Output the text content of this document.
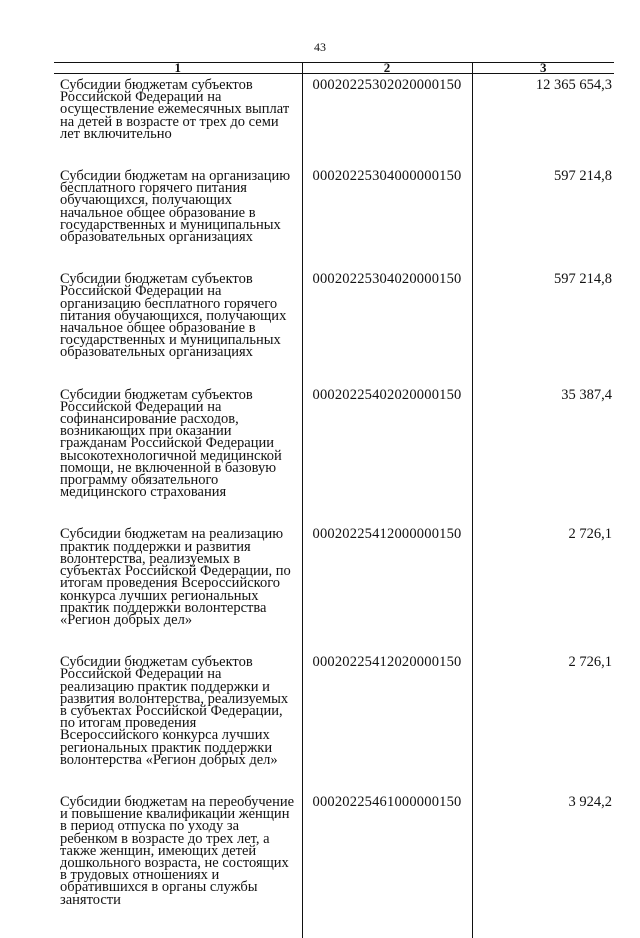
43
1	2	3
Субсидии бюджетам субъектов Российской Федерации на осуществление ежемесячных выплат на детей в возрасте от трех до семи лет включительно	00020225302020000150	12 365 654,3
Субсидии бюджетам на организацию бесплатного горячего питания обучающихся, получающих начальное общее образование в государственных и муниципальных образовательных организациях	00020225304000000150	597 214,8
Субсидии бюджетам субъектов Российской Федерации на организацию бесплатного горячего питания обучающихся, получающих начальное общее образование в государственных и муниципальных образовательных организациях	00020225304020000150	597 214,8
Субсидии бюджетам субъектов Российской Федерации на софинансирование расходов, возникающих при оказании гражданам Российской Федерации высокотехнологичной медицинской помощи, не включенной в базовую программу обязательного медицинского страхования	00020225402020000150	35 387,4
Субсидии бюджетам на реализацию практик поддержки и развития волонтерства, реализуемых в субъектах Российской Федерации, по итогам проведения Всероссийского конкурса лучших региональных практик поддержки волонтерства «Регион добрых дел»	00020225412000000150	2 726,1
Субсидии бюджетам субъектов Российской Федерации на реализацию практик поддержки и развития волонтерства, реализуемых в субъектах Российской Федерации, по итогам проведения Всероссийского конкурса лучших региональных практик поддержки волонтерства «Регион добрых дел»	00020225412020000150	2 726,1
Субсидии бюджетам на переобучение и повышение квалификации женщин в период отпуска по уходу за ребенком в возрасте до трех лет, а также женщин, имеющих детей дошкольного возраста, не состоящих в трудовых отношениях и обратившихся в органы службы занятости	00020225461000000150	3 924,2
